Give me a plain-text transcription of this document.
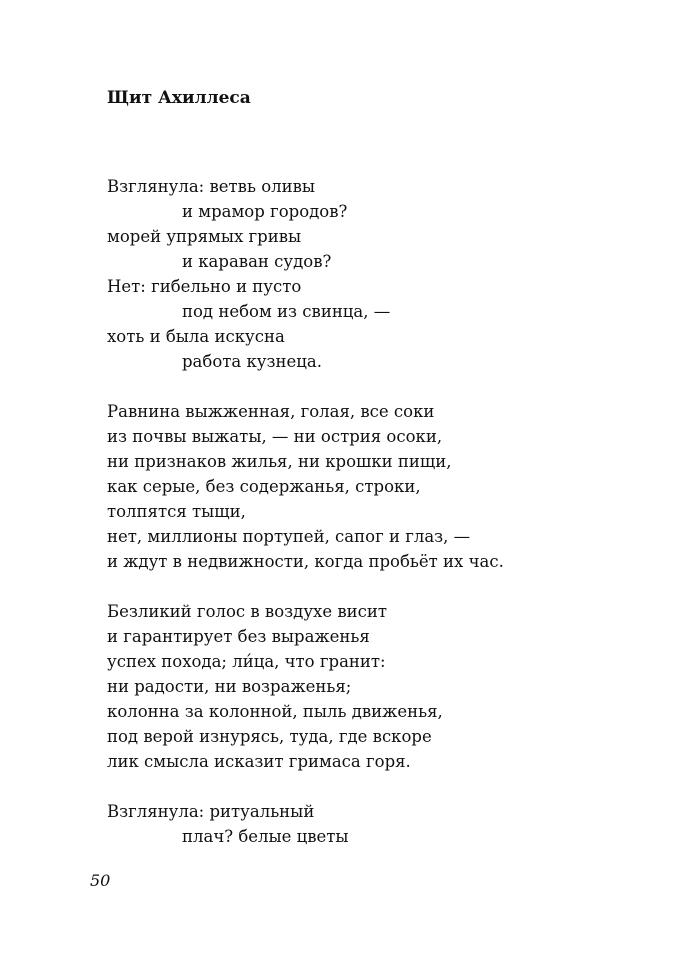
Щит Ахиллеса
Взглянула: ветвь оливы
и мрамор городов?
морей упрямых гривы
и караван судов?
Нет: гибельно и пусто
под небом из свинца, —
хоть и была искусна
работа кузнеца.
Равнина выжженная, голая, все соки
из почвы выжаты, — ни острия осоки,
ни признаков жилья, ни крошки пищи,
как серые, без содержанья, строки,
толпятся тыщи,
нет, миллионы портупей, сапог и глаз, —
и ждут в недвижности, когда пробьёт их час.
Безликий голос в воздухе висит
и гарантирует без выраженья
успех похода; ли́ца, что гранит:
ни радости, ни возраженья;
колонна за колонной, пыль движенья,
под верой изнурясь, туда, где вскоре
лик смысла исказит гримаса горя.
Взглянула: ритуальный
плач? белые цветы
50
